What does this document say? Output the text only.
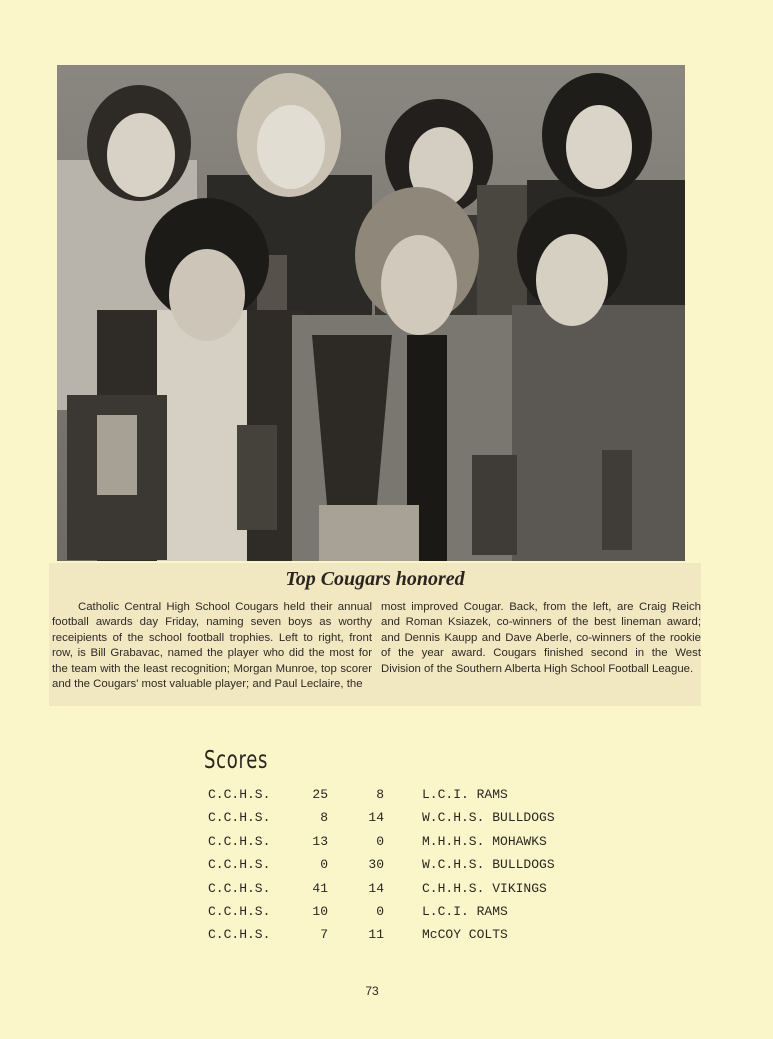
Top Cougars honored
Catholic Central High School Cougars held their annual football awards day Friday, naming seven boys as worthy receipients of the school football trophies. Left to right, front row, is Bill Grabavac, named the player who did the most for the team with the least recognition; Morgan Munroe, top scorer and the Cougars' most valuable player; and Paul Leclaire, the
most improved Cougar. Back, from the left, are Craig Reich and Roman Ksiazek, co-winners of the best lineman award; and Dennis Kaupp and Dave Aberle, co-winners of the rookie of the year award. Cougars finished second in the West Division of the Southern Alberta High School Football League.
Scores
C.C.H.S.	25	8	L.C.I. RAMS
C.C.H.S.	8	14	W.C.H.S. BULLDOGS
C.C.H.S.	13	0	M.H.H.S. MOHAWKS
C.C.H.S.	0	30	W.C.H.S. BULLDOGS
C.C.H.S.	41	14	C.H.H.S. VIKINGS
C.C.H.S.	10	0	L.C.I. RAMS
C.C.H.S.	7	11	McCOY COLTS
73
